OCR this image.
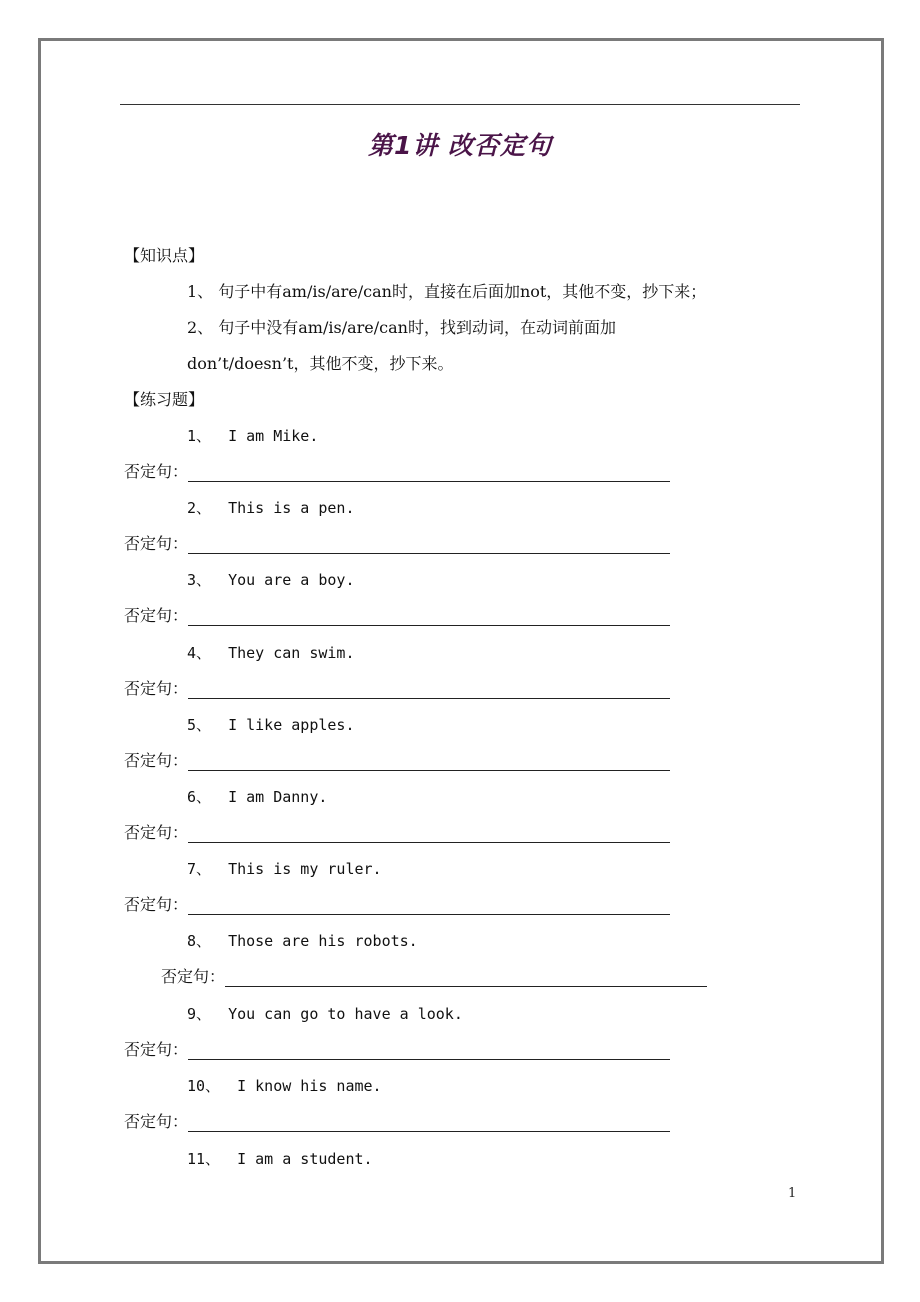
第1讲 改否定句
【知识点】
1、 句子中有am/is/are/can时，直接在后面加not，其他不变，抄下来；
2、 句子中没有am/is/are/can时，找到动词，在动词前面加
don’t/doesn’t，其他不变，抄下来。
【练习题】
1、 I am Mike.
否定句：
2、 This is a pen.
否定句：
3、 You are a boy.
否定句：
4、 They can swim.
否定句：
5、 I like apples.
否定句：
6、 I am Danny.
否定句：
7、 This is my ruler.
否定句：
8、 Those are his robots.
否定句：
9、 You can go to have a look.
否定句：
10、 I know his name.
否定句：
11、 I am a student.
1
